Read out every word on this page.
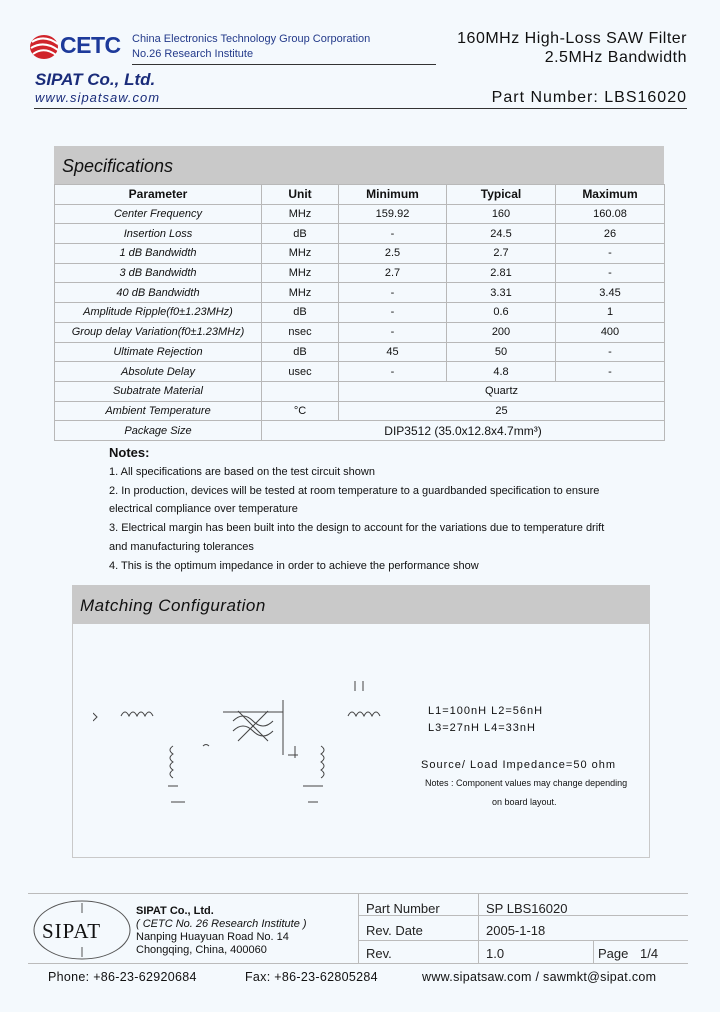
CETC China Electronics Technology Group Corporation
No.26 Research Institute
SIPAT Co., Ltd.
www.sipatsaw.com
160MHz High-Loss SAW Filter
2.5MHz Bandwidth
Part Number: LBS16020
Specifications
Parameter	Unit	Minimum	Typical	Maximum
Center Frequency	MHz	159.92	160	160.08
Insertion Loss	dB	-	24.5	26
1 dB Bandwidth	MHz	2.5	2.7	-
3 dB Bandwidth	MHz	2.7	2.81	-
40 dB Bandwidth	MHz	-	3.31	3.45
Amplitude Ripple(f0±1.23MHz)	dB	-	0.6	1
Group delay Variation(f0±1.23MHz)	nsec	-	200	400
Ultimate Rejection	dB	45	50	-
Absolute Delay	usec	-	4.8	-
Subatrate Material		Quartz		
Ambient Temperature	°C	25		
Package Size	DIP3512 (35.0x12.8x4.7mm³)			
Notes:
1. All specifications are based on the test circuit shown
2. In production, devices will be tested at room temperature to a guardbanded specification to ensure
electrical compliance over temperature
3. Electrical margin has been built into the design to account for the variations due to temperature drift
and manufacturing tolerances
4. This is the optimum impedance in order to achieve the performance show
Matching Configuration
L1=100nH L2=56nH
L3=27nH L4=33nH
Source/ Load Impedance=50 ohm
Notes : Component values may change depending
on board layout.
SIPAT
SIPAT Co., Ltd.
( CETC No. 26 Research Institute )
Nanping Huayuan Road No. 14
Chongqing, China, 400060
Part Number	SP LBS16020
Rev. Date	2005-1-18
Rev.	1.0	Page 1/4
Phone: +86-23-62920684	Fax: +86-23-62805284	www.sipatsaw.com / sawmkt@sipat.com
